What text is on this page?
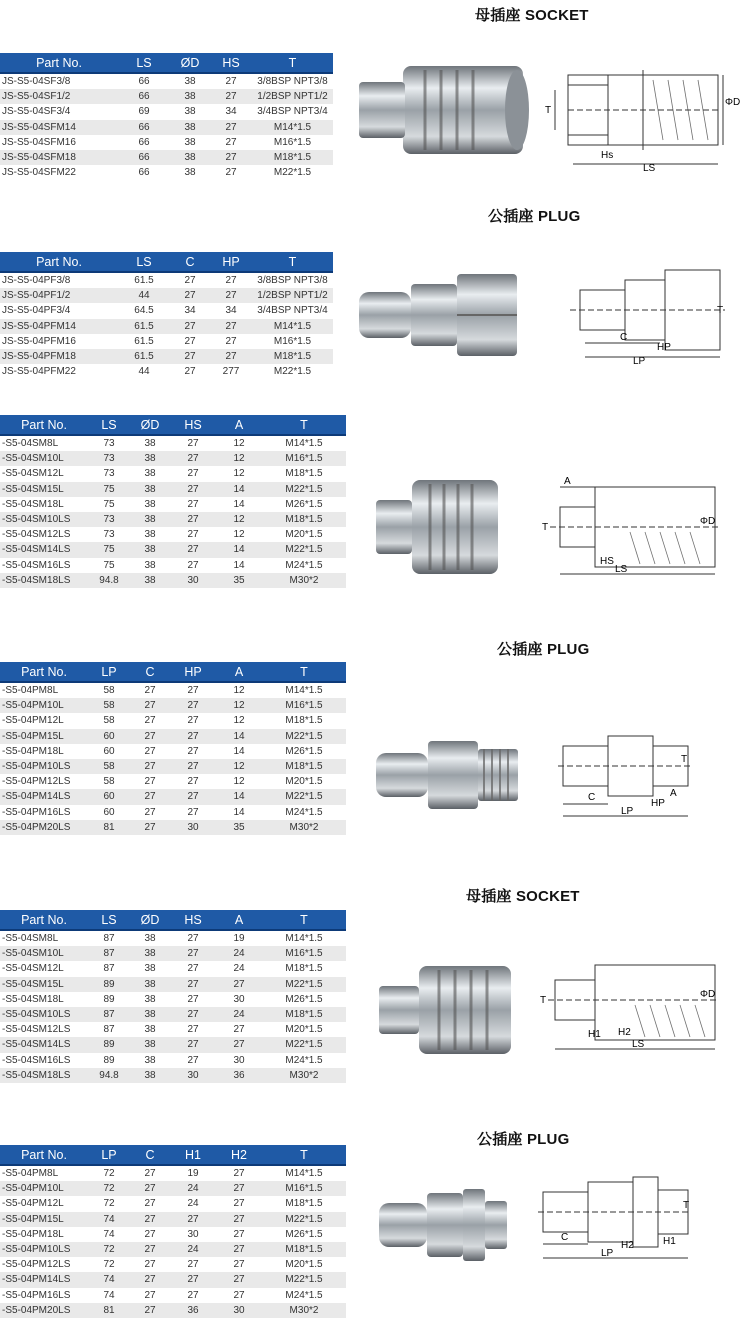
母插座 SOCKET
公插座 PLUG
公插座 PLUG
母插座 SOCKET
公插座 PLUG
Part No.	LS	ØD	HS	T
JS-S5-04SF3/8	66	38	27	3/8BSP NPT3/8
JS-S5-04SF1/2	66	38	27	1/2BSP NPT1/2
JS-S5-04SF3/4	69	38	34	3/4BSP NPT3/4
JS-S5-04SFM14	66	38	27	M14*1.5
JS-S5-04SFM16	66	38	27	M16*1.5
JS-S5-04SFM18	66	38	27	M18*1.5
JS-S5-04SFM22	66	38	27	M22*1.5
Part No.	LS	C	HP	T
JS-S5-04PF3/8	61.5	27	27	3/8BSP NPT3/8
JS-S5-04PF1/2	44	27	27	1/2BSP NPT1/2
JS-S5-04PF3/4	64.5	34	34	3/4BSP NPT3/4
JS-S5-04PFM14	61.5	27	27	M14*1.5
JS-S5-04PFM16	61.5	27	27	M16*1.5
JS-S5-04PFM18	61.5	27	27	M18*1.5
JS-S5-04PFM22	44	27	277	M22*1.5
Part No.	LS	ØD	HS	A	T
-S5-04SM8L	73	38	27	12	M14*1.5
-S5-04SM10L	73	38	27	12	M16*1.5
-S5-04SM12L	73	38	27	12	M18*1.5
-S5-04SM15L	75	38	27	14	M22*1.5
-S5-04SM18L	75	38	27	14	M26*1.5
-S5-04SM10LS	73	38	27	12	M18*1.5
-S5-04SM12LS	73	38	27	12	M20*1.5
-S5-04SM14LS	75	38	27	14	M22*1.5
-S5-04SM16LS	75	38	27	14	M24*1.5
-S5-04SM18LS	94.8	38	30	35	M30*2
Part No.	LP	C	HP	A	T
-S5-04PM8L	58	27	27	12	M14*1.5
-S5-04PM10L	58	27	27	12	M16*1.5
-S5-04PM12L	58	27	27	12	M18*1.5
-S5-04PM15L	60	27	27	14	M22*1.5
-S5-04PM18L	60	27	27	14	M26*1.5
-S5-04PM10LS	58	27	27	12	M18*1.5
-S5-04PM12LS	58	27	27	12	M20*1.5
-S5-04PM14LS	60	27	27	14	M22*1.5
-S5-04PM16LS	60	27	27	14	M24*1.5
-S5-04PM20LS	81	27	30	35	M30*2
Part No.	LS	ØD	HS	A	T
-S5-04SM8L	87	38	27	19	M14*1.5
-S5-04SM10L	87	38	27	24	M16*1.5
-S5-04SM12L	87	38	27	24	M18*1.5
-S5-04SM15L	89	38	27	27	M22*1.5
-S5-04SM18L	89	38	27	30	M26*1.5
-S5-04SM10LS	87	38	27	24	M18*1.5
-S5-04SM12LS	87	38	27	27	M20*1.5
-S5-04SM14LS	89	38	27	27	M22*1.5
-S5-04SM16LS	89	38	27	30	M24*1.5
-S5-04SM18LS	94.8	38	30	36	M30*2
Part No.	LP	C	H1	H2	T
-S5-04PM8L	72	27	19	27	M14*1.5
-S5-04PM10L	72	27	24	27	M16*1.5
-S5-04PM12L	72	27	24	27	M18*1.5
-S5-04PM15L	74	27	27	27	M22*1.5
-S5-04PM18L	74	27	30	27	M26*1.5
-S5-04PM10LS	72	27	24	27	M18*1.5
-S5-04PM12LS	72	27	27	27	M20*1.5
-S5-04PM14LS	74	27	27	27	M22*1.5
-S5-04PM16LS	74	27	27	27	M24*1.5
-S5-04PM20LS	81	27	36	30	M30*2
Hs
LS
T
ΦD
C
HP
LP
T
A
HS
LS
T
ΦD
C
HP
A
LP
T
H1 H2
LS
T
ΦD
C
H2	H1
LP
T
